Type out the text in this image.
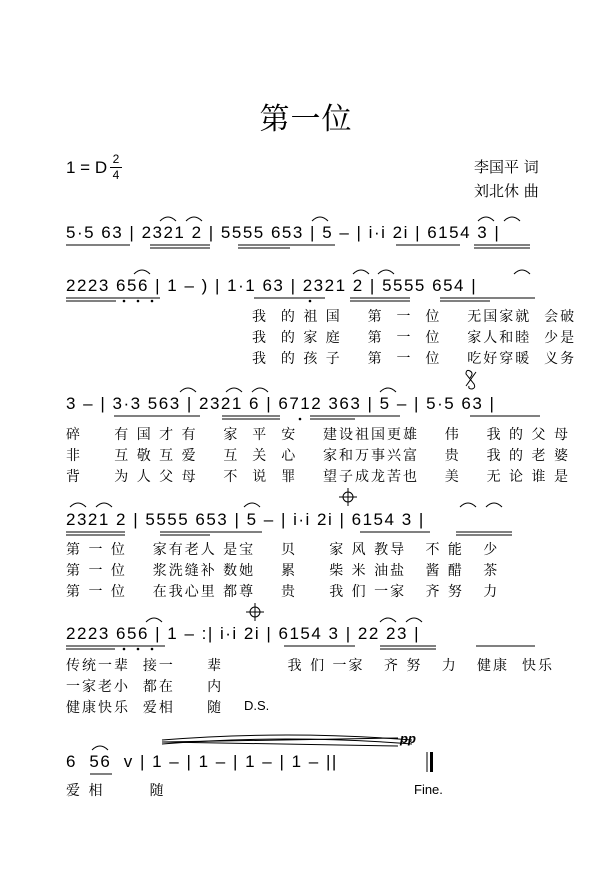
第一位
1 = D 2
4	李国平 词
刘北休 曲
5·5 63 | 2321 2 | 5555 653 | 5 – | i·i 2i | 6154 3 |
2223 656 | 1 – ) | 1·1 63 | 2321 2 | 5555 654 |
我  的 祖 国    第  一  位    无国家就  会破
我  的 家 庭    第  一  位    家人和睦  少是
我  的 孩 子    第  一  位    吃好穿暖  义务
3 – | 3·3 563 | 2321 6 | 6712 363 | 5 – | 5·5 63 |
碎     有 国 才 有    家  平  安    建设祖国更雄    伟    我 的 父 母
非     互 敬 互 爱    互  关  心    家和万事兴富    贵    我 的 老 婆
背     为 人 父 母    不  说  罪    望子成龙苦也    美    无 论 谁 是
2321 2 | 5555 653 | 5 – | i·i 2i | 6154 3 |
第 一 位    家有老人 是宝    贝     家 风 教导   不 能   少
第 一 位    浆洗缝补 数她    累     柴 米 油盐   酱 醋   茶
第 一 位    在我心里 都尊    贵     我 们 一家   齐 努   力
2223 656 | 1 – :| i·i 2i | 6154 3 | 22 23 |
传统一辈  接一     辈          我 们 一家   齐 努   力   健康  快乐
一家老小  都在     内
健康快乐  爱相     随 D.S.
6  56  v | 1 – | 1 – | 1 – | 1 – ||
爱 相       随
pp
Fine.
